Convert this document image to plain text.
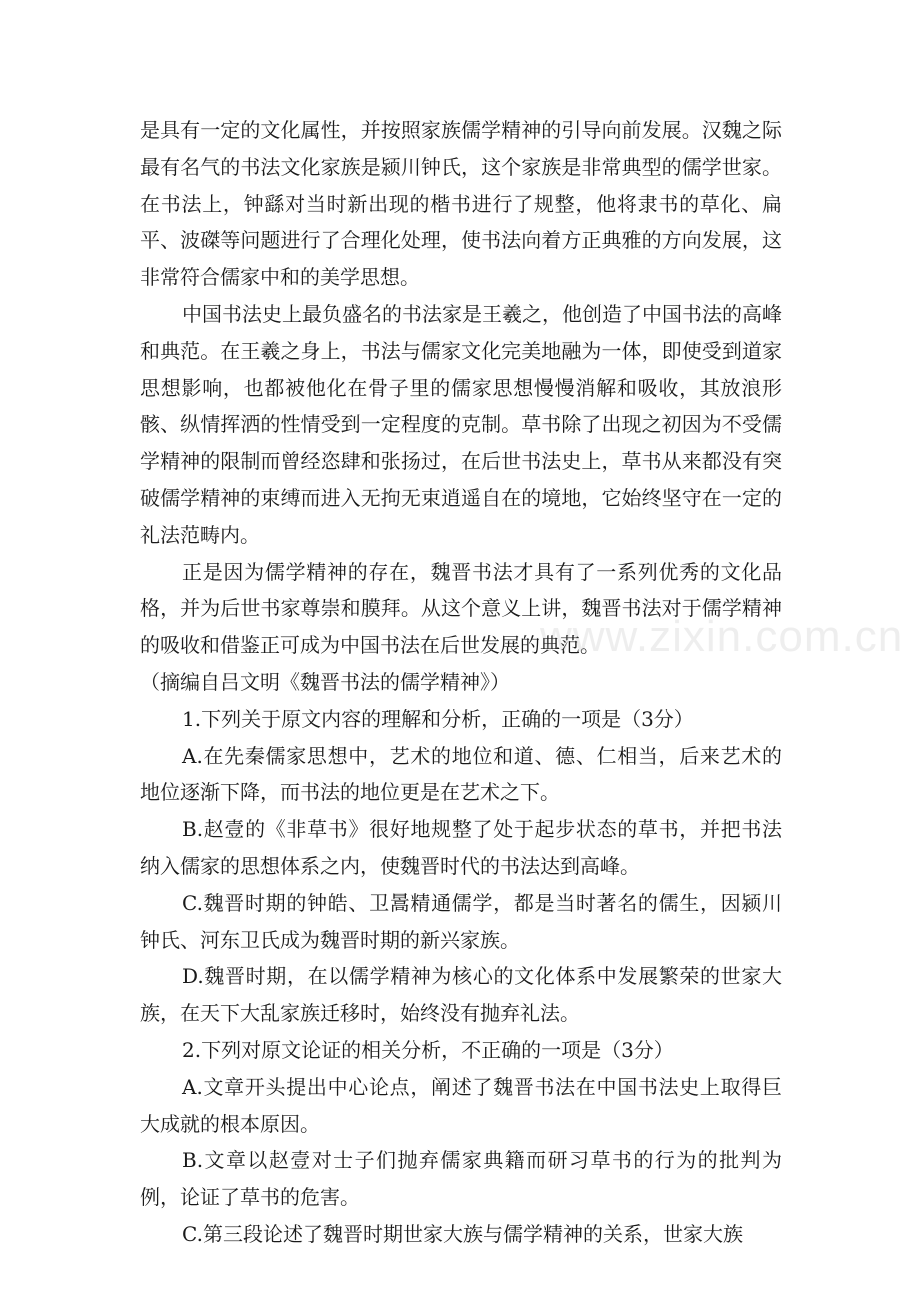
是具有一定的文化属性，并按照家族儒学精神的引导向前发展。汉魏之际最有名气的书法文化家族是颍川钟氏，这个家族是非常典型的儒学世家。在书法上，钟繇对当时新出现的楷书进行了规整，他将隶书的草化、扁平、波磔等问题进行了合理化处理，使书法向着方正典雅的方向发展，这非常符合儒家中和的美学思想。

中国书法史上最负盛名的书法家是王羲之，他创造了中国书法的高峰和典范。在王羲之身上，书法与儒家文化完美地融为一体，即使受到道家思想影响，也都被他化在骨子里的儒家思想慢慢消解和吸收，其放浪形骸、纵情挥洒的性情受到一定程度的克制。草书除了出现之初因为不受儒学精神的限制而曾经恣肆和张扬过，在后世书法史上，草书从来都没有突破儒学精神的束缚而进入无拘无束逍遥自在的境地，它始终坚守在一定的礼法范畴内。

正是因为儒学精神的存在，魏晋书法才具有了一系列优秀的文化品格，并为后世书家尊崇和膜拜。从这个意义上讲，魏晋书法对于儒学精神的吸收和借鉴正可成为中国书法在后世发展的典范。

（摘编自吕文明《魏晋书法的儒学精神》）

1.下列关于原文内容的理解和分析，正确的一项是（3分）

A.在先秦儒家思想中，艺术的地位和道、德、仁相当，后来艺术的地位逐渐下降，而书法的地位更是在艺术之下。

B.赵壹的《非草书》很好地规整了处于起步状态的草书，并把书法纳入儒家的思想体系之内，使魏晋时代的书法达到高峰。

C.魏晋时期的钟皓、卫暠精通儒学，都是当时著名的儒生，因颍川钟氏、河东卫氏成为魏晋时期的新兴家族。

D.魏晋时期，在以儒学精神为核心的文化体系中发展繁荣的世家大族，在天下大乱家族迁移时，始终没有抛弃礼法。

2.下列对原文论证的相关分析，不正确的一项是（3分）

A.文章开头提出中心论点，阐述了魏晋书法在中国书法史上取得巨大成就的根本原因。

B.文章以赵壹对士子们抛弃儒家典籍而研习草书的行为的批判为例，论证了草书的危害。

C.第三段论述了魏晋时期世家大族与儒学精神的关系，世家大族

www.zixin.com.cn
